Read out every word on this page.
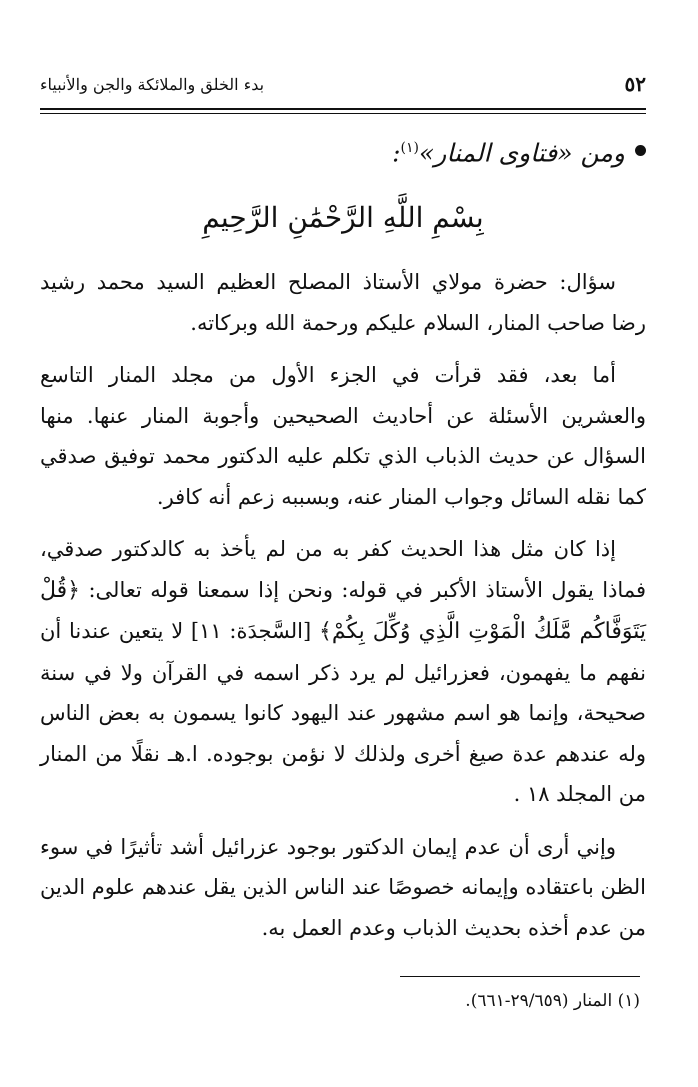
٥٢
بدء الخلق والملائكة والجن والأنبياء
ومن «فتاوى المنار»$^{(١)}$:
بِسْمِ اللَّهِ الرَّحْمَٰنِ الرَّحِيمِ

سؤال: حضرة مولاي الأستاذ المصلح العظيم السيد محمد رشيد رضا صاحب المنار، السلام عليكم ورحمة الله وبركاته.

أما بعد، فقد قرأت في الجزء الأول من مجلد المنار التاسع والعشرين الأسئلة عن أحاديث الصحيحين وأجوبة المنار عنها. منها السؤال عن حديث الذباب الذي تكلم عليه الدكتور محمد توفيق صدقي كما نقله السائل وجواب المنار عنه، وبسببه زعم أنه كافر.

إذا كان مثل هذا الحديث كفر به من لم يأخذ به كالدكتور صدقي، فماذا يقول الأستاذ الأكبر في قوله: ونحن إذا سمعنا قوله تعالى: ﴿قُلْ يَتَوَفَّاكُم مَّلَكُ الْمَوْتِ الَّذِي وُكِّلَ بِكُمْ﴾ [السَّجدَة: ١١] لا يتعين عندنا أن نفهم ما يفهمون، فعزرائيل لم يرد ذكر اسمه في القرآن ولا في سنة صحيحة، وإنما هو اسم مشهور عند اليهود كانوا يسمون به بعض الناس وله عندهم عدة صيغ أخرى ولذلك لا نؤمن بوجوده. ا.هـ نقلًا من المنار من المجلد ١٨ .

وإني أرى أن عدم إيمان الدكتور بوجود عزرائيل أشد تأثيرًا في سوء الظن باعتقاده وإيمانه خصوصًا عند الناس الذين يقل عندهم علوم الدين من عدم أخذه بحديث الذباب وعدم العمل به.

(١) المنار (٢٩/٦٥٩-٦٦١).
